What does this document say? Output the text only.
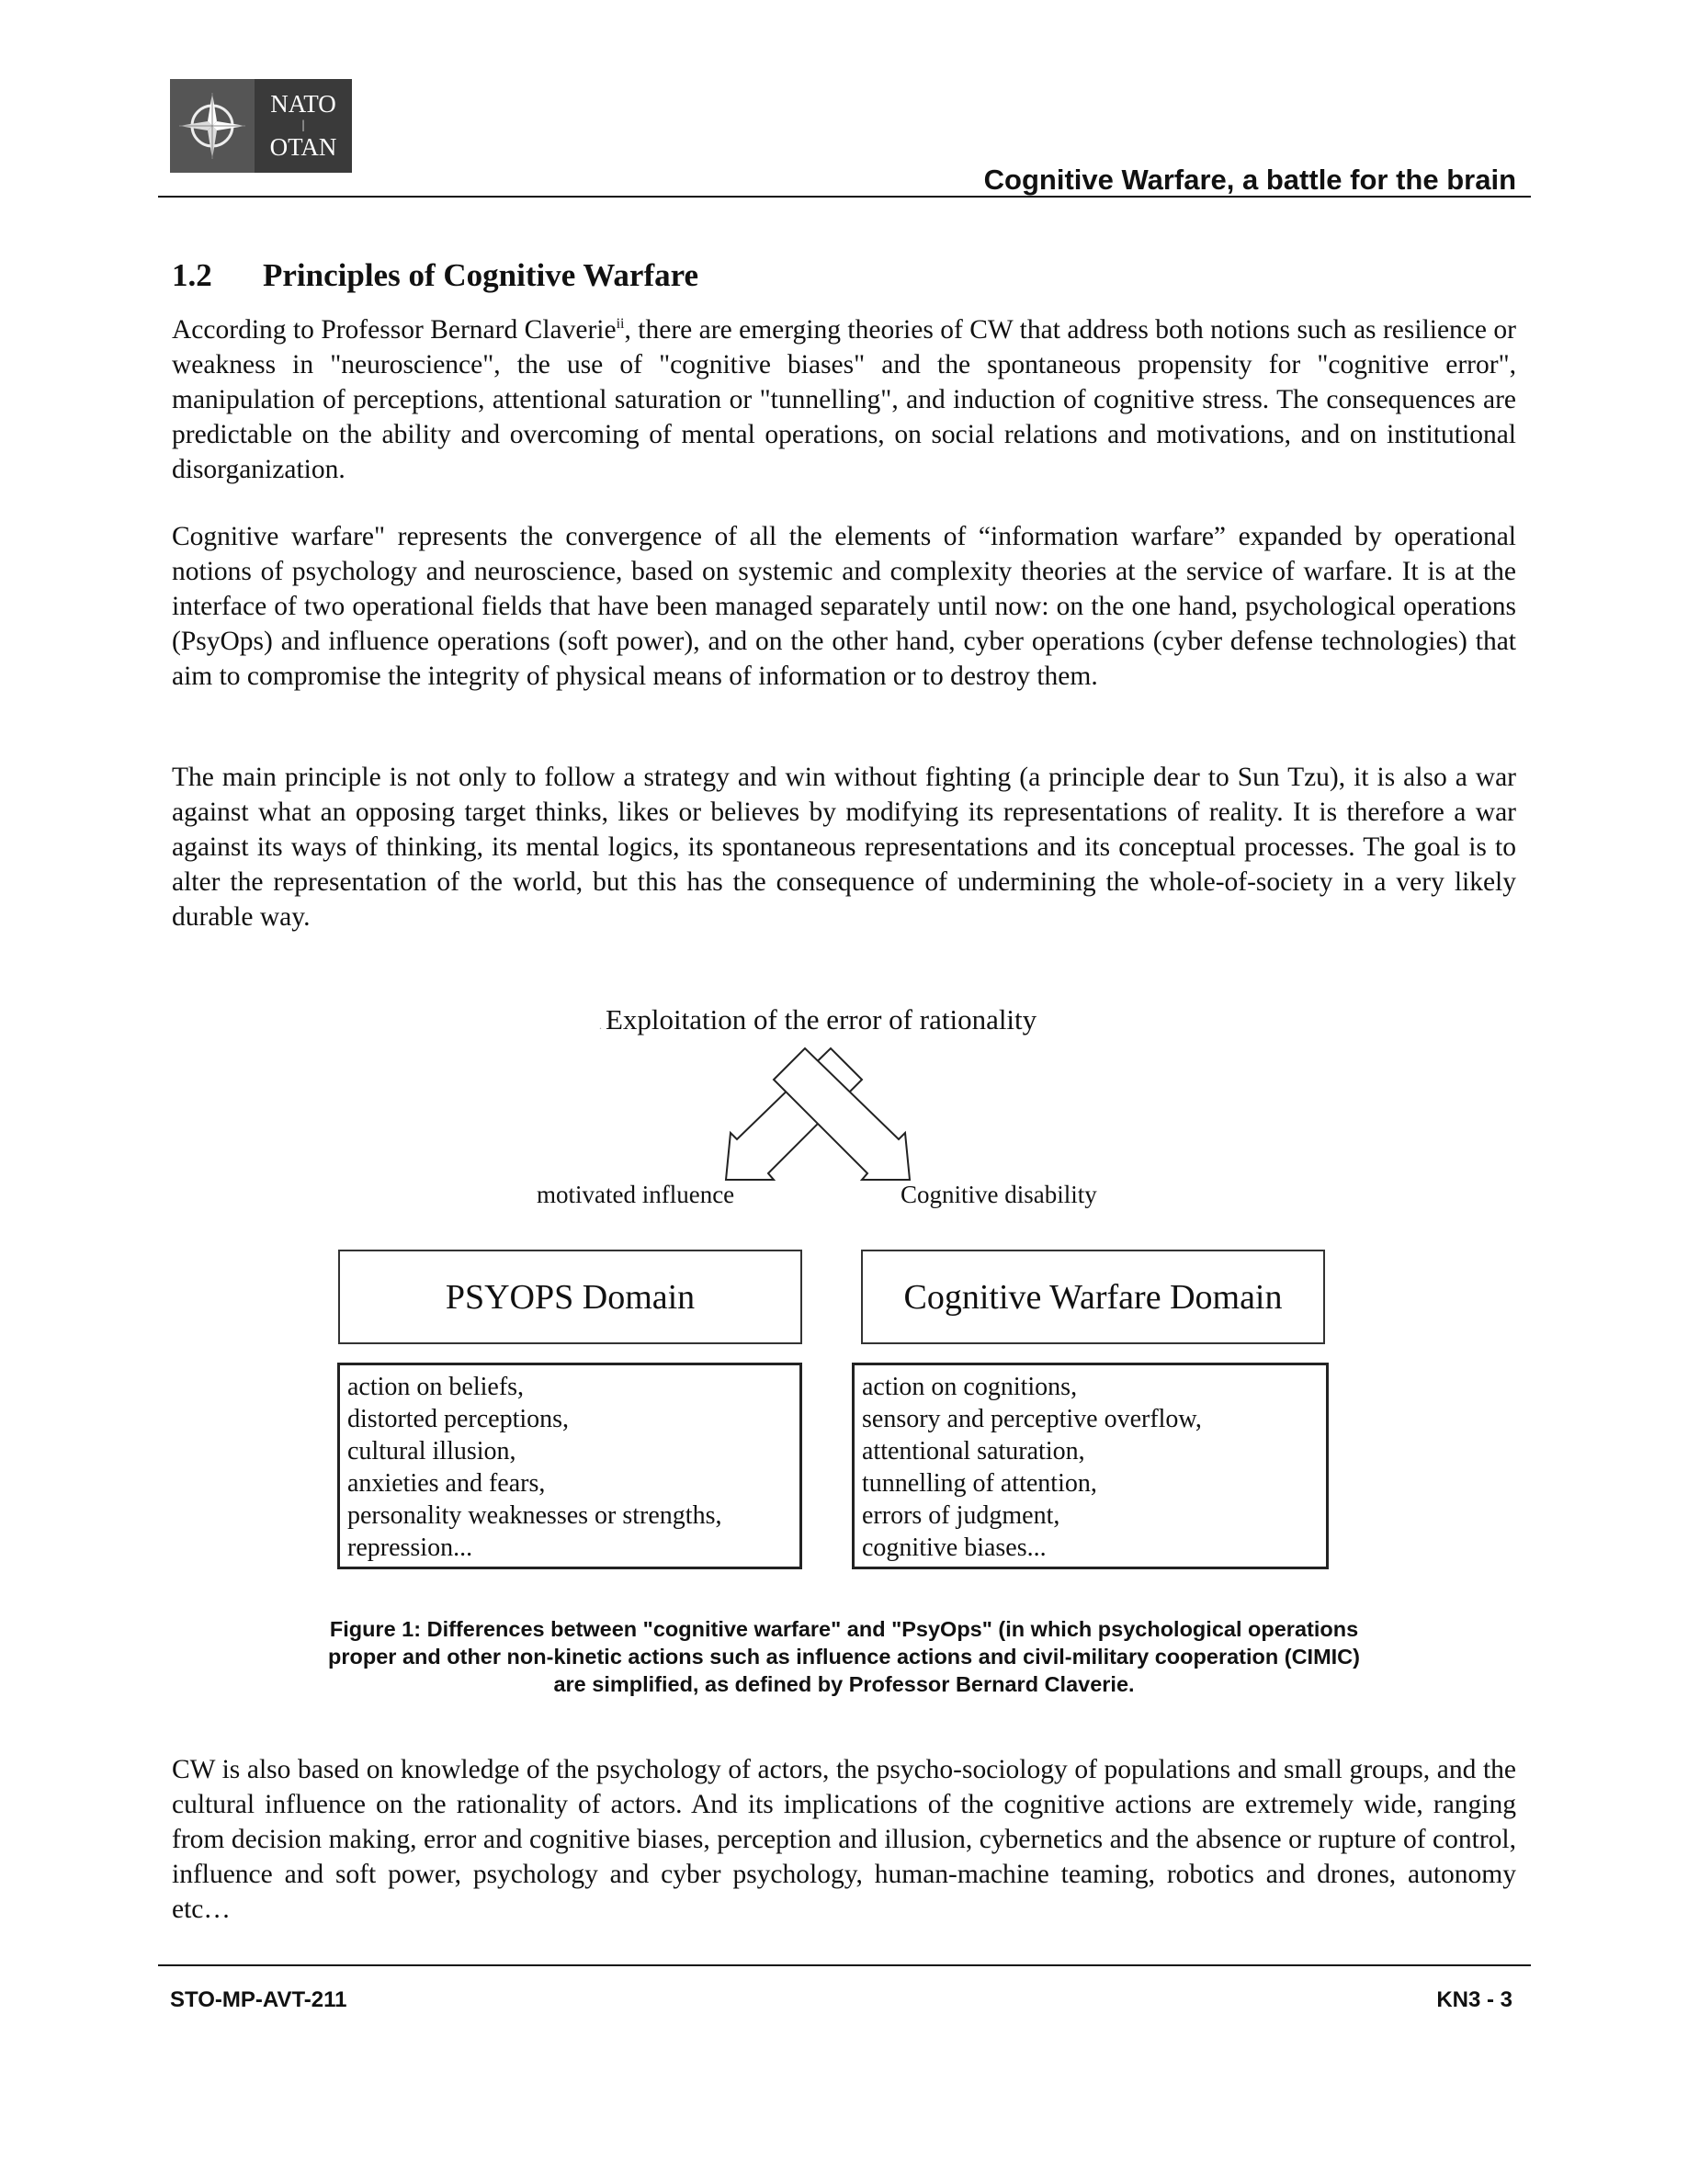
NATO
|
OTAN
Cognitive Warfare, a battle for the brain
1.2 Principles of Cognitive Warfare

According to Professor Bernard Claverie$^{ii}$, there are emerging theories of CW that address both notions such as resilience or weakness in "neuroscience", the use of "cognitive biases" and the spontaneous propensity for "cognitive error", manipulation of perceptions, attentional saturation or "tunnelling", and induction of cognitive stress. The consequences are predictable on the ability and overcoming of mental operations, on social relations and motivations, and on institutional disorganization.

Cognitive warfare" represents the convergence of all the elements of “information warfare” expanded by operational notions of psychology and neuroscience, based on systemic and complexity theories at the service of warfare. It is at the interface of two operational fields that have been managed separately until now: on the one hand, psychological operations (PsyOps) and influence operations (soft power), and on the other hand, cyber operations (cyber defense technologies) that aim to compromise the integrity of physical means of information or to destroy them.

The main principle is not only to follow a strategy and win without fighting (a principle dear to Sun Tzu), it is also a war against what an opposing target thinks, likes or believes by modifying its representations of reality. It is therefore a war against its ways of thinking, its mental logics, its spontaneous representations and its conceptual processes. The goal is to alter the representation of the world, but this has the consequence of undermining the whole-of-society in a very likely durable way.

. Exploitation of the error of rationality
motivated influence	Cognitive disability
PSYOPS Domain	Cognitive Warfare Domain
action on beliefs,
distorted perceptions,
cultural illusion,
anxieties and fears,
personality weaknesses or strengths,
repression...
action on cognitions,
sensory and perceptive overflow,
attentional saturation,
tunnelling of attention,
errors of judgment,
cognitive biases...

Figure 1: Differences between "cognitive warfare" and "PsyOps" (in which psychological operations
proper and other non-kinetic actions such as influence actions and civil-military cooperation (CIMIC)
are simplified, as defined by Professor Bernard Claverie.

CW is also based on knowledge of the psychology of actors, the psycho-sociology of populations and small groups, and the cultural influence on the rationality of actors. And its implications of the cognitive actions are extremely wide, ranging from decision making, error and cognitive biases, perception and illusion, cybernetics and the absence or rupture of control, influence and soft power, psychology and cyber psychology, human-machine teaming, robotics and drones, autonomy etc…

STO-MP-AVT-211	KN3 - 3
